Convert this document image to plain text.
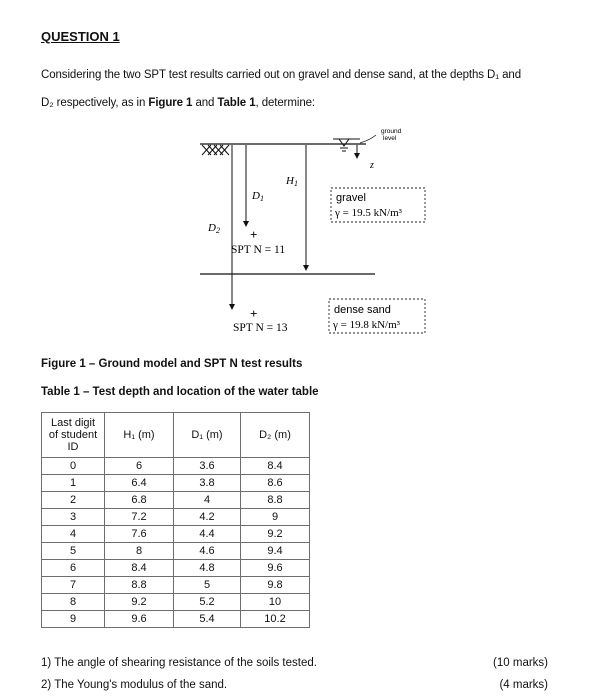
QUESTION 1
Considering the two SPT test results carried out on gravel and dense sand, at the depths D₁ and
D₂ respectively, as in Figure 1 and Table 1, determine:
ground
level
z
D2
D1
H1
+
SPT N = 11
+
SPT N = 13
gravel
γ = 19.5 kN/m³
dense sand
γ = 19.8 kN/m³
Figure 1 – Ground model and SPT N test results
Table 1 – Test depth and location of the water table
Last digit
of student
ID	H₁ (m)	D₁ (m)	D₂ (m)
0	6	3.6	8.4
1	6.4	3.8	8.6
2	6.8	4	8.8
3	7.2	4.2	9
4	7.6	4.4	9.2
5	8	4.6	9.4
6	8.4	4.8	9.6
7	8.8	5	9.8
8	9.2	5.2	10
9	9.6	5.4	10.2
1) The angle of shearing resistance of the soils tested.	(10 marks)
2) The Young's modulus of the sand.	(4 marks)
